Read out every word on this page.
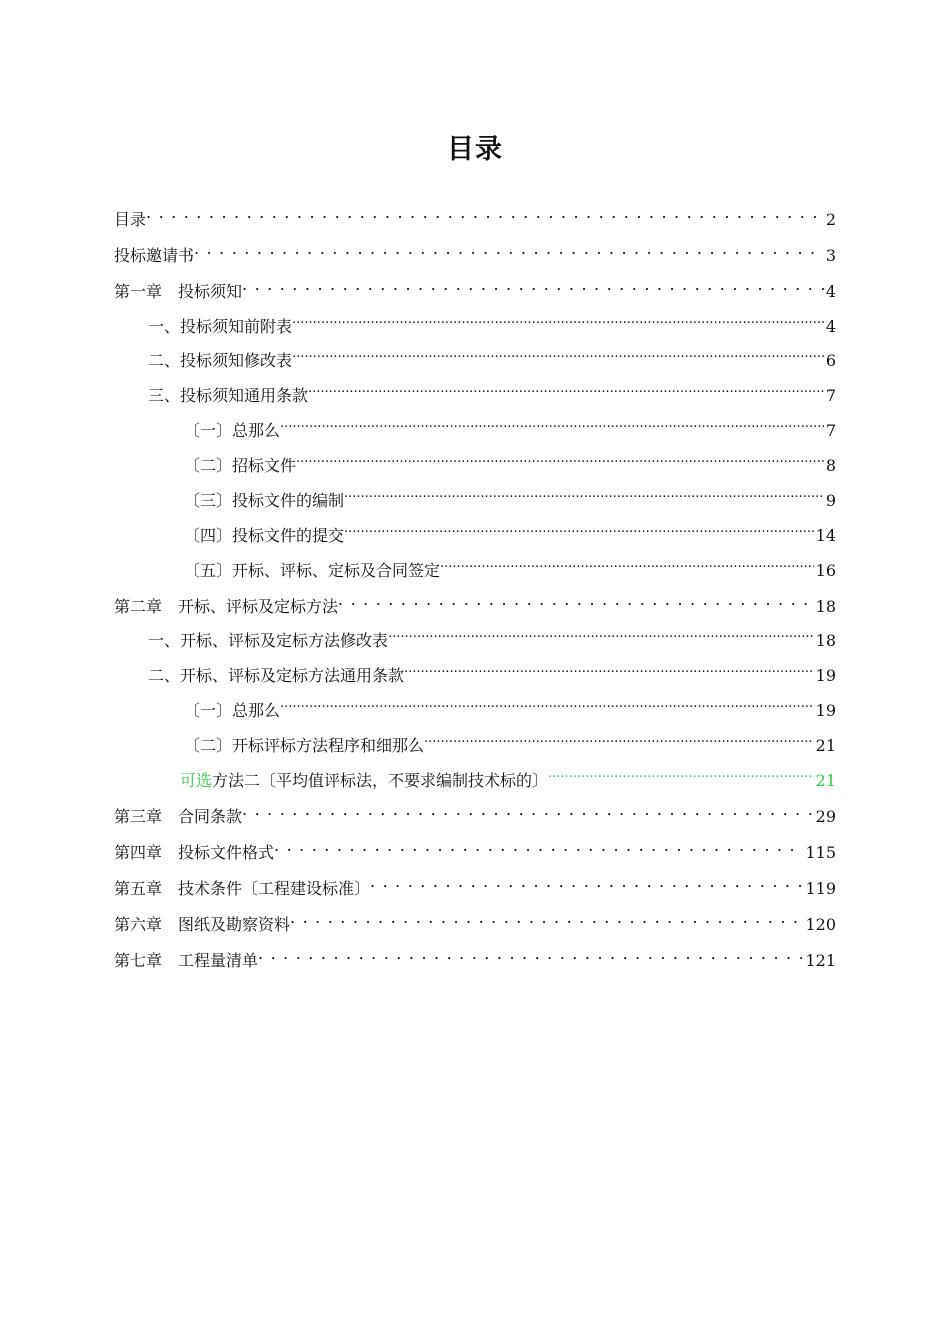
目录
目录 . . .	2
投标邀请书 . . .	3
第一章　投标须知 . . .	4
一、投标须知前附表 .....	4
二、投标须知修改表 .....	6
三、投标须知通用条款 .....	7
〔一〕总那么 .....	7
〔二〕招标文件 .....	8
〔三〕投标文件的编制 .....	9
〔四〕投标文件的提交 .....	14
〔五〕开标、评标、定标及合同签定 .....	16
第二章　开标、评标及定标方法 . . .	18
一、开标、评标及定标方法修改表 .....	18
二、开标、评标及定标方法通用条款 .....	19
〔一〕总那么 .....	19
〔二〕开标评标方法程序和细那么 .....	21
可选方法二〔平均值评标法，不要求编制技术标的〕 .....	21
第三章　合同条款 . . .	29
第四章　投标文件格式 . . .	115
第五章　技术条件〔工程建设标准〕 . . .	119
第六章　图纸及勘察资料 . . .	120
第七章　工程量清单 . . .	121
